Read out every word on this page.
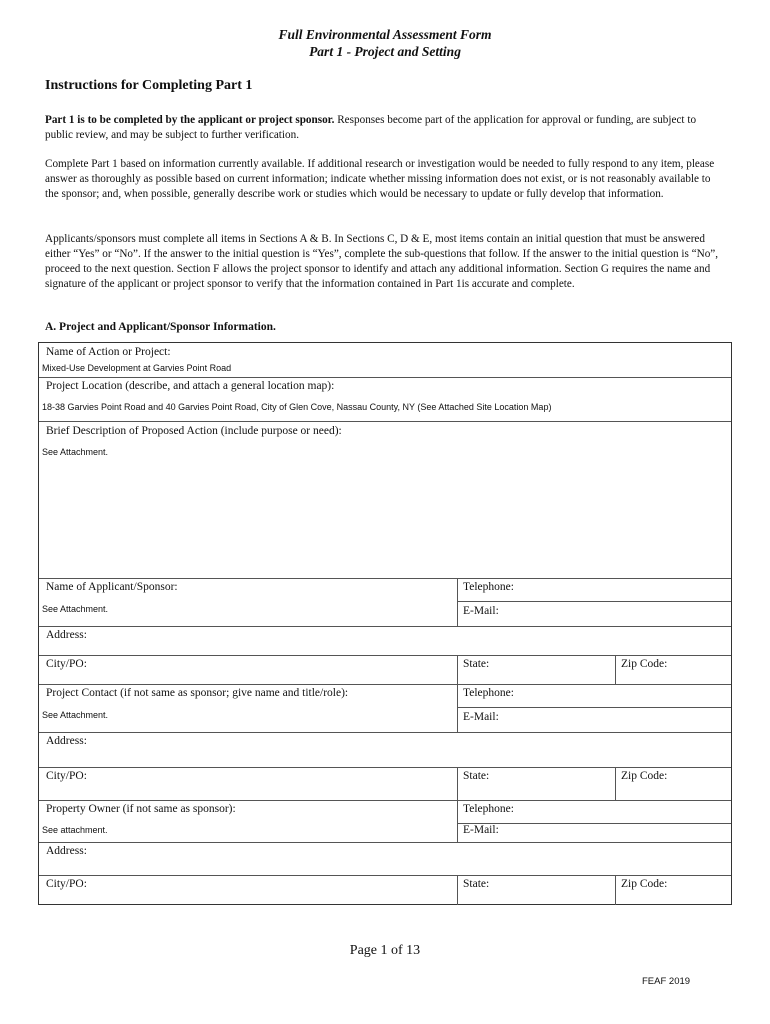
Full Environmental Assessment Form
Part 1 - Project and Setting
Instructions for Completing Part 1

Part 1 is to be completed by the applicant or project sponsor. Responses become part of the application for approval or funding, are subject to public review, and may be subject to further verification.

Complete Part 1 based on information currently available. If additional research or investigation would be needed to fully respond to any item, please answer as thoroughly as possible based on current information; indicate whether missing information does not exist, or is not reasonably available to the sponsor; and, when possible, generally describe work or studies which would be necessary to update or fully develop that information.

Applicants/sponsors must complete all items in Sections A & B. In Sections C, D & E, most items contain an initial question that must be answered either “Yes” or “No”. If the answer to the initial question is “Yes”, complete the sub-questions that follow. If the answer to the initial question is “No”, proceed to the next question. Section F allows the project sponsor to identify and attach any additional information. Section G requires the name and signature of the applicant or project sponsor to verify that the information contained in Part 1is accurate and complete.

A. Project and Applicant/Sponsor Information.
Name of Action or Project:
Mixed-Use Development at Garvies Point Road
Project Location (describe, and attach a general location map):
18-38 Garvies Point Road and 40 Garvies Point Road, City of Glen Cove, Nassau County, NY (See Attached Site Location Map)
Brief Description of Proposed Action (include purpose or need):
See Attachment.
Name of Applicant/Sponsor:
See Attachment.
Telephone:
E-Mail:
Address:
City/PO:	State:	Zip Code:
Project Contact (if not same as sponsor; give name and title/role):
See Attachment.
Telephone:
E-Mail:
Address:
City/PO:	State:	Zip Code:
Property Owner (if not same as sponsor):
See attachment.
Telephone:
E-Mail:
Address:
City/PO:	State:	Zip Code:
Page 1 of 13
FEAF 2019
